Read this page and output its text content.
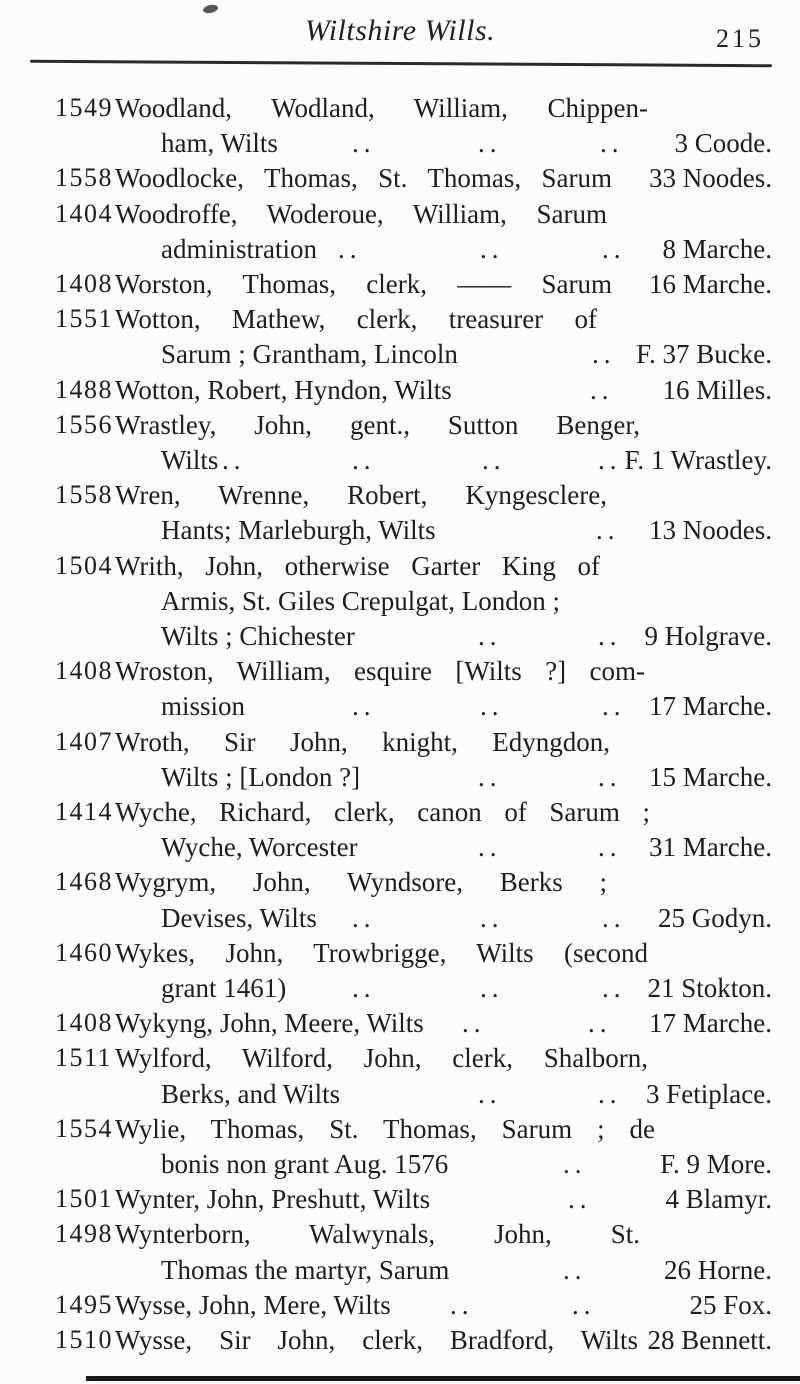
Wiltshire Wills.	215
1549 Woodland, Wodland, William, Chippen-
ham, Wilts	..	..	.. 3 Coode.
1558 Woodlocke, Thomas, St. Thomas, Sarum 33 Noodes.
1404 Woodroffe, Woderoue, William, Sarum
administration ..	..	.. 8 Marche.
1408 Worston, Thomas, clerk, —— Sarum 16 Marche.
1551 Wotton, Mathew, clerk, treasurer of
Sarum ; Grantham, Lincoln	.. F. 37 Bucke.
1488 Wotton, Robert, Hyndon, Wilts	.. 16 Milles.
1556 Wrastley, John, gent., Sutton Benger,
Wilts ..	..	..	.. F. 1 Wrastley.
1558 Wren, Wrenne, Robert, Kyngesclere,
Hants; Marleburgh, Wilts	.. 13 Noodes.
1504 Writh, John, otherwise Garter King of
Armis, St. Giles Crepulgat, London ;
Wilts ; Chichester	..	.. 9 Holgrave.
1408 Wroston, William, esquire [Wilts ?] com-
mission	..	..	.. 17 Marche.
1407 Wroth, Sir John, knight, Edyngdon,
Wilts ; [London ?]	..	.. 15 Marche.
1414 Wyche, Richard, clerk, canon of Sarum ;
Wyche, Worcester	..	.. 31 Marche.
1468 Wygrym, John, Wyndsore, Berks ;
Devises, Wilts ..	..	.. 25 Godyn.
1460 Wykes, John, Trowbrigge, Wilts (second
grant 1461) ..	..	.. 21 Stokton.
1408 Wykyng, John, Meere, Wilts ..	.. 17 Marche.
1511 Wylford, Wilford, John, clerk, Shalborn,
Berks, and Wilts	..	.. 3 Fetiplace.
1554 Wylie, Thomas, St. Thomas, Sarum ; de
bonis non grant Aug. 1576	..	F. 9 More.
1501 Wynter, John, Preshutt, Wilts	..	4 Blamyr.
1498 Wynterborn, Walwynals, John, St.
Thomas the martyr, Sarum	..	26 Horne.
1495 Wysse, John, Mere, Wilts ..	..	25 Fox.
1510 Wysse, Sir John, clerk, Bradford, Wilts 28 Bennett.
